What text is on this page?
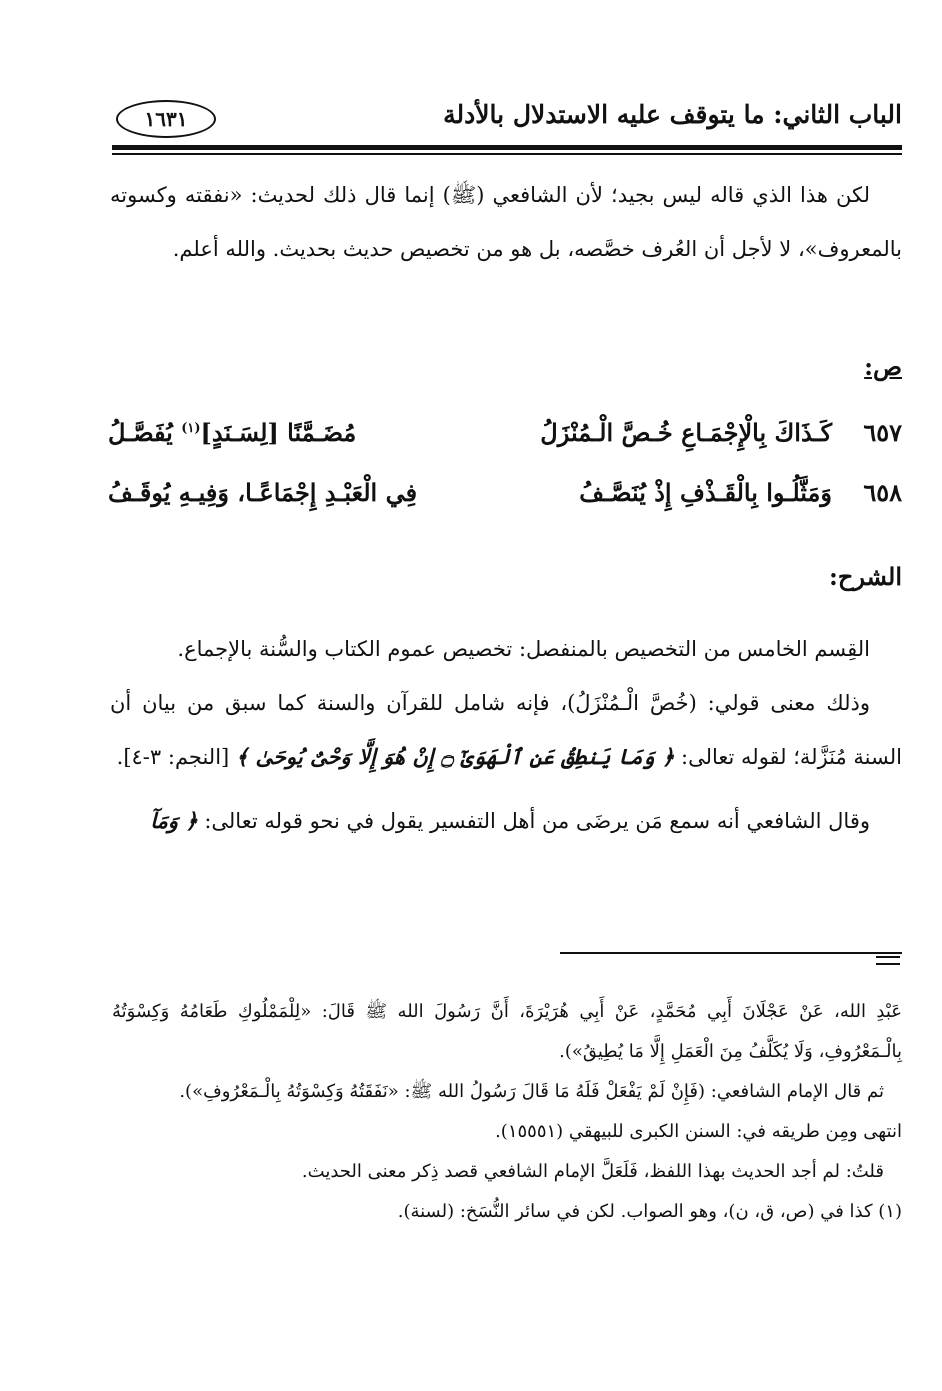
الباب الثاني: ما يتوقف عليه الاستدلال بالأدلة
١٦٣١

لكن هذا الذي قاله ليس بجيد؛ لأن الشافعي (ﷺ) إنما قال ذلك لحديث: «نفقته وكسوته بالمعروف»، لا لأجل أن العُرف خصَّصه، بل هو من تخصيص حديث بحديث. والله أعلم.

ص:
٦٥٧
كَـذَاكَ بِالْإِجْمَـاعِ خُـصَّ الْـمُنْزَلُ
مُضَـمَّنًا [لِسَـنَدٍ]$^{(١)}$ يُفَصَّـلُ
٦٥٨
وَمَثَّلُـوا بِالْقَـذْفِ إِذْ يُنَصَّـفُ
فِي الْعَبْـدِ إِجْمَاعًـا، وَفِيـهِ يُوقَـفُ
الشرح:

القِسم الخامس من التخصيص بالمنفصل: تخصيص عموم الكتاب والسُّنة بالإجماع.

وذلك معنى قولي: (خُصَّ الْـمُنْزَلُ)، فإنه شامل للقرآن والسنة كما سبق من بيان أن السنة مُنَزَّلة؛ لقوله تعالى: ﴿ وَمَا يَنطِقُ عَنِ ٱلْهَوَىٰٓ ۝ إِنْ هُوَ إِلَّا وَحْىٌ يُوحَىٰ ﴾ [النجم: ٣-٤].

وقال الشافعي أنه سمع مَن يرضَى من أهل التفسير يقول في نحو قوله تعالى: ﴿ وَمَآ

عَبْدِ الله، عَنْ عَجْلَانَ أَبِي مُحَمَّدٍ، عَنْ أَبِي هُرَيْرَةَ، أَنَّ رَسُولَ الله ﷺ قَالَ: «لِلْمَمْلُوكِ طَعَامُهُ وَكِسْوَتُهُ بِالْـمَعْرُوفِ، وَلَا يُكَلَّفُ مِنَ الْعَمَلِ إِلَّا مَا يُطِيقُ»).

ثم قال الإمام الشافعي: (فَإِنْ لَمْ يَفْعَلْ فَلَهُ مَا قَالَ رَسُولُ الله ﷺ: «نَفَقَتُهُ وَكِسْوَتُهُ بِالْـمَعْرُوفِ»).

انتهى ومِن طريقه في: السنن الكبرى للبيهقي (١٥٥٥١).

قلتُ: لم أجد الحديث بهذا اللفظ، فَلَعَلَّ الإمام الشافعي قصد ذِكر معنى الحديث.

(١) كذا في (ص، ق، ن)، وهو الصواب. لكن في سائر النُّسَخ: (لسنة).
